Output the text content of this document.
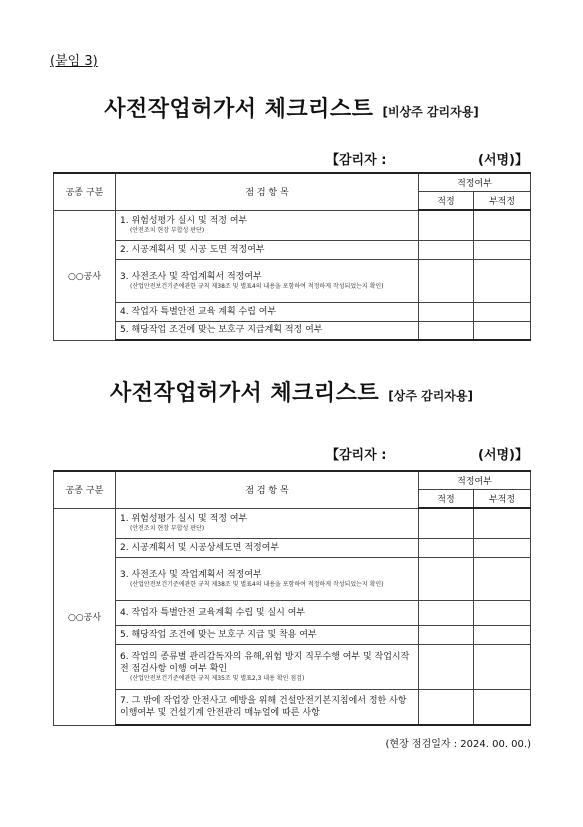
(붙임 3)
사전작업허가서 체크리스트 [비상주 감리자용]
【감리자 :	(서명)】
공종 구분	점 검 항 목	적정여부	
		적정	부적정
○○공사	1. 위험성평가 실시 및 적정 여부
(안전조치 현장 부합성 판단)		

	2. 시공계획서 및 시공 도면 적정여부		

	3. 사전조사 및 작업계획서 적정여부
(산업안전보건기준에관한 규칙 제38조 및 별표4의 내용을 포함하여 적정하게 작성되었는지 확인)		

	4. 작업자 특별안전 교육 계획 수립 여부		

	5. 해당작업 조건에 맞는 보호구 지급계획 적정 여부		

사전작업허가서 체크리스트 [상주 감리자용]
【감리자 :	(서명)】
공종 구분	점 검 항 목	적정여부	
		적정	부적정
○○공사	1. 위험성평가 실시 및 적정 여부
(안전조치 현장 부합성 판단)		

	2. 시공계획서 및 시공상세도면 적정여부		

	3. 사전조사 및 작업계획서 적정여부
(산업안전보건기준에관한 규칙 제38조 및 별표4의 내용을 포함하여 적정하게 작성되었는지 확인)		

	4. 작업자 특별안전 교육계획 수립 및 실시 여부		

	5. 해당작업 조건에 맞는 보호구 지급 및 착용 여부		

	6. 작업의 종류별 관리감독자의 유해,위험 방지 직무수행 여부 및 작업시작 전 점검사항 이행 여부 확인
(산업안전보건기준에관한 규칙 제35조 및 별표2,3 내용 확인 점검)		

	7. 그 밖에 작업장 안전사고 예방을 위해 건설안전기본지침에서 정한 사항 이행여부 및 건설기계 안전관리 매뉴얼에 따른 사항		

(현장 점검일자 : 2024. 00. 00.)
